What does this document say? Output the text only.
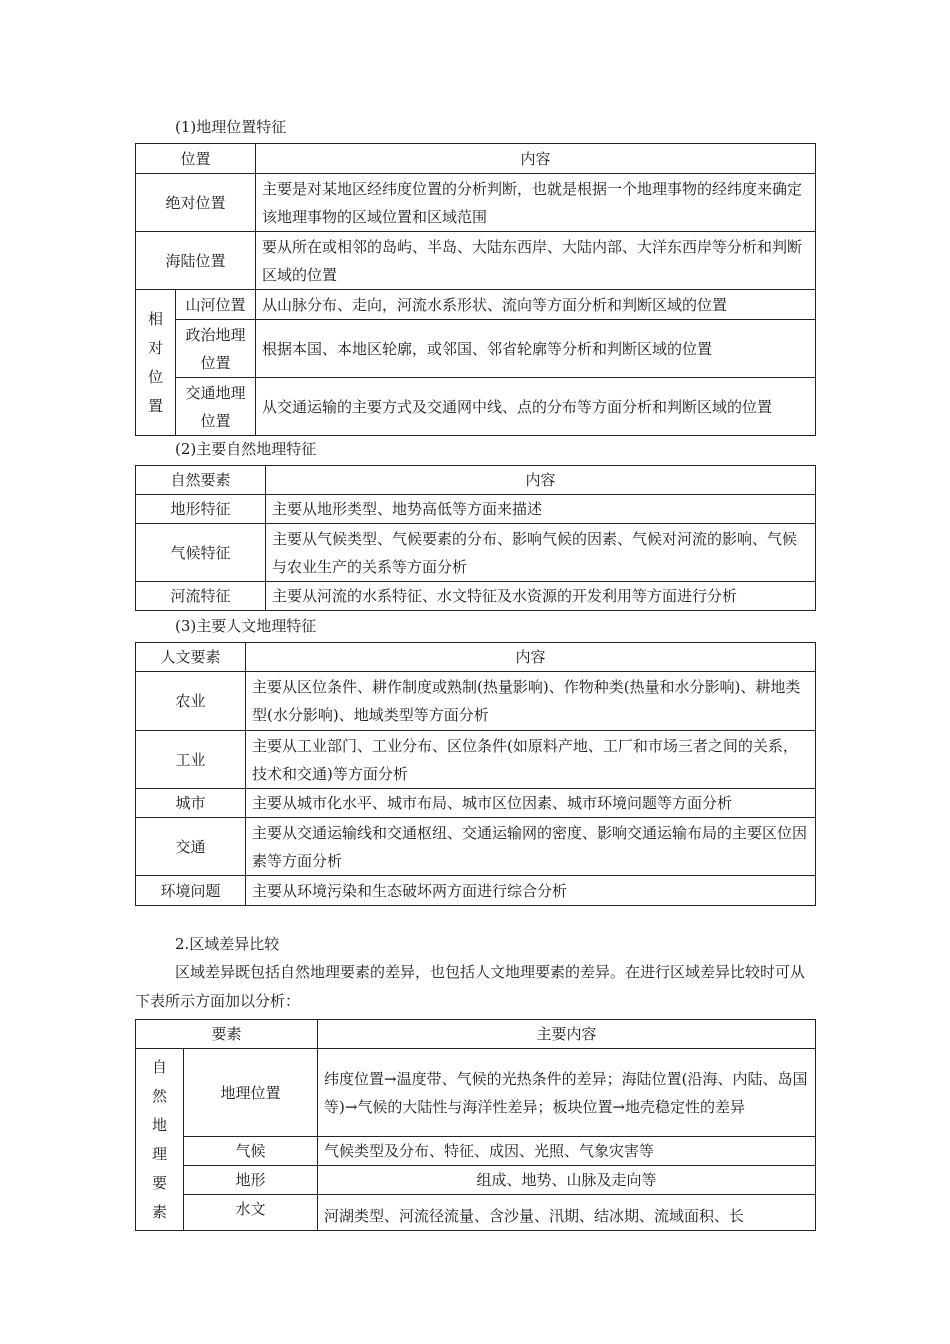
(1)地理位置特征
位置		内容
绝对位置		主要是对某地区经纬度位置的分析判断，也就是根据一个地理事物的经纬度来确定该地理事物的区域位置和区域范围
海陆位置		要从所在或相邻的岛屿、半岛、大陆东西岸、大陆内部、大洋东西岸等分析和判断区域的位置
相对位置	山河位置	从山脉分布、走向，河流水系形状、流向等方面分析和判断区域的位置
	政治地理位置	根据本国、本地区轮廓，或邻国、邻省轮廓等分析和判断区域的位置
	交通地理位置	从交通运输的主要方式及交通网中线、点的分布等方面分析和判断区域的位置
(2)主要自然地理特征
自然要素	内容
地形特征	主要从地形类型、地势高低等方面来描述
气候特征	主要从气候类型、气候要素的分布、影响气候的因素、气候对河流的影响、气候与农业生产的关系等方面分析
河流特征	主要从河流的水系特征、水文特征及水资源的开发利用等方面进行分析
(3)主要人文地理特征
人文要素	内容
农业	主要从区位条件、耕作制度或熟制(热量影响)、作物种类(热量和水分影响)、耕地类型(水分影响)、地域类型等方面分析
工业	主要从工业部门、工业分布、区位条件(如原料产地、工厂和市场三者之间的关系，技术和交通)等方面分析
城市	主要从城市化水平、城市布局、城市区位因素、城市环境问题等方面分析
交通	主要从交通运输线和交通枢纽、交通运输网的密度、影响交通运输布局的主要区位因素等方面分析
环境问题	主要从环境污染和生态破坏两方面进行综合分析
2.区域差异比较
区域差异既包括自然地理要素的差异，也包括人文地理要素的差异。在进行区域差异比较时可从下表所示方面加以分析：
要素		主要内容
自然地理要素	地理位置	纬度位置→温度带、气候的光热条件的差异；海陆位置(沿海、内陆、岛国等)→气候的大陆性与海洋性差异；板块位置→地壳稳定性的差异
	气候	气候类型及分布、特征、成因、光照、气象灾害等
	地形	组成、地势、山脉及走向等
	水文	河湖类型、河流径流量、含沙量、汛期、结冰期、流域面积、长
